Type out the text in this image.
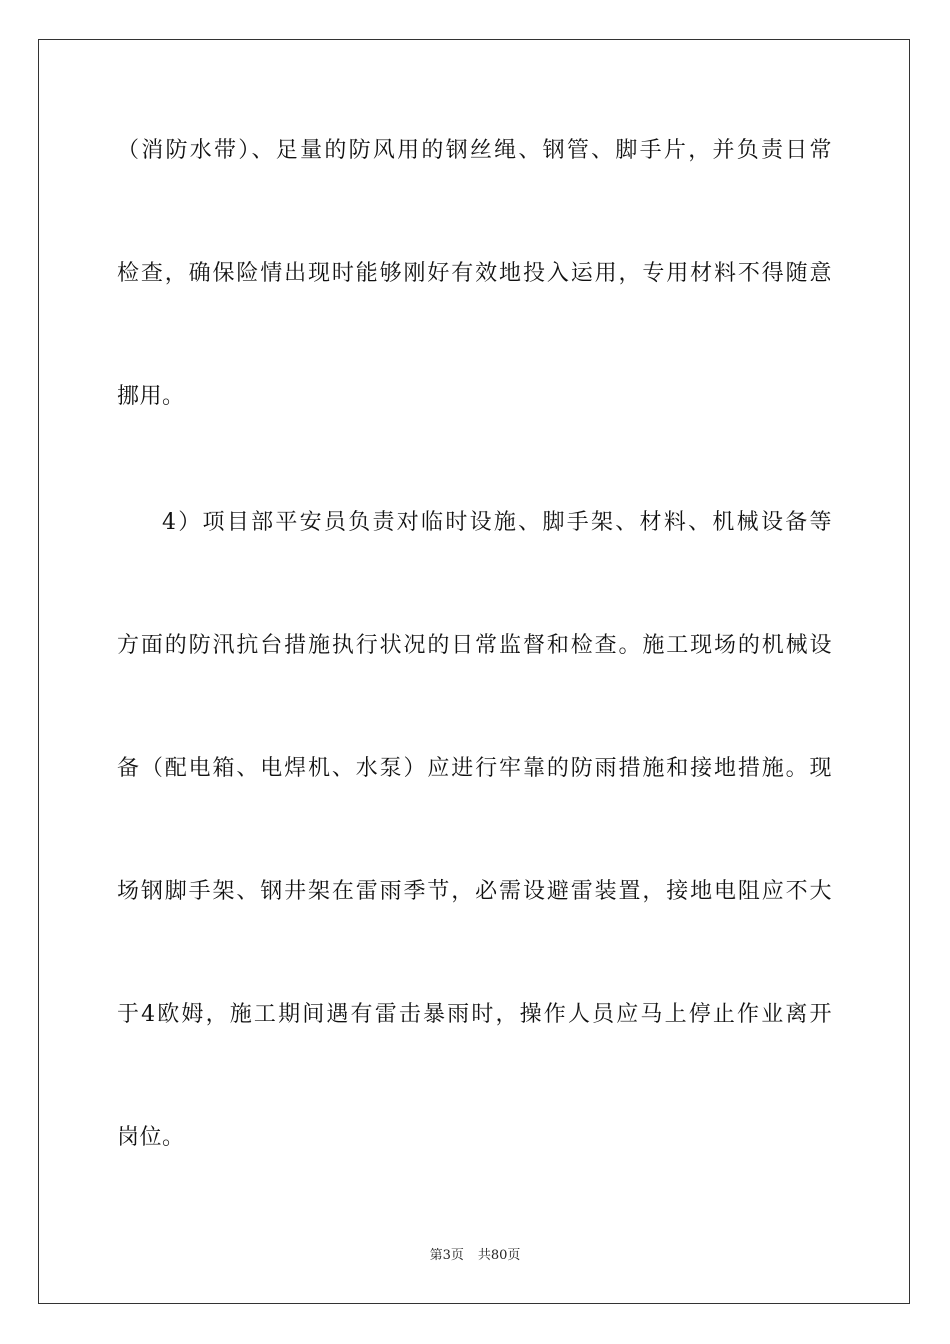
（消防水带）、足量的防风用的钢丝绳、钢管、脚手片，并负责日常
检查，确保险情出现时能够刚好有效地投入运用，专用材料不得随意
挪用。
4）项目部平安员负责对临时设施、脚手架、材料、机械设备等
方面的防汛抗台措施执行状况的日常监督和检查。施工现场的机械设
备（配电箱、电焊机、水泵）应进行牢靠的防雨措施和接地措施。现
场钢脚手架、钢井架在雷雨季节，必需设避雷装置，接地电阻应不大
于4欧姆，施工期间遇有雷击暴雨时，操作人员应马上停止作业离开
岗位。
第3页 共80页
